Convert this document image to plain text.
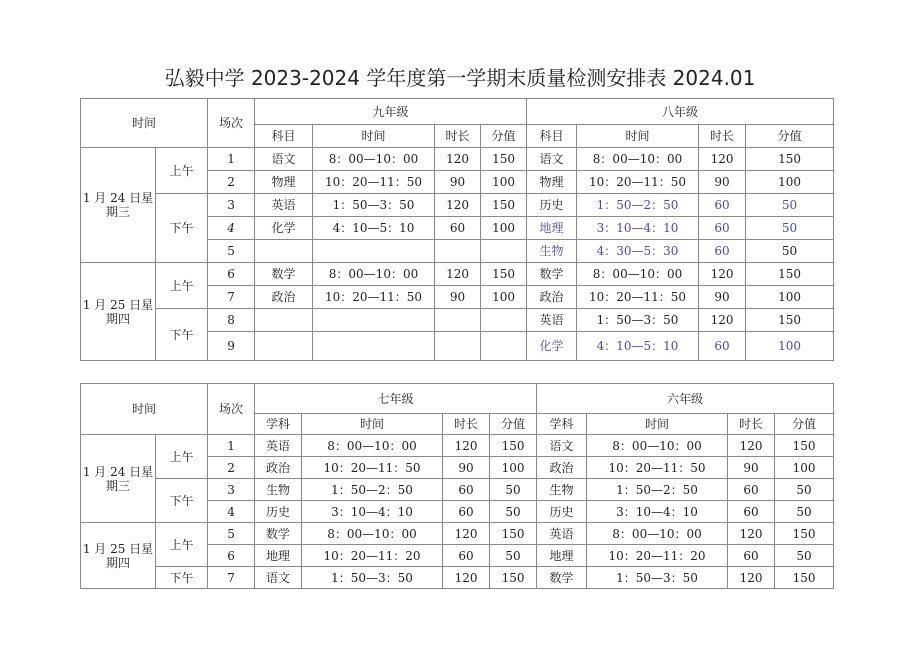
弘毅中学 2023-2024 学年度第一学期末质量检测安排表 2024.01
时间		场次	九年级				八年级			
			科目	时间	时长	分值	科目	时间	时长	分值
1 月 24 日星期三	上午	1	语文	8：00—10：00	120	150	语文	8：00—10：00	120	150
		2	物理	10：20—11：50	90	100	物理	10：20—11：50	90	100
	下午	3	英语	1：50—3：50	120	150	历史	1：50—2：50	60	50
		4	化学	4：10—5：10	60	100	地理	3：10—4：10	60	50
		5					生物	4：30—5：30	60	50
1 月 25 日星期四	上午	6	数学	8：00—10：00	120	150	数学	8：00—10：00	120	150
		7	政治	10：20—11：50	90	100	政治	10：20—11：50	90	100
	下午	8					英语	1：50—3：50	120	150
		9					化学	4：10—5：10	60	100
时间		场次	七年级				六年级			
			学科	时间	时长	分值	学科	时间	时长	分值
1 月 24 日星期三	上午	1	英语	8：00—10：00	120	150	语文	8：00—10：00	120	150
		2	政治	10：20—11：50	90	100	政治	10：20—11：50	90	100
	下午	3	生物	1：50—2：50	60	50	生物	1：50—2：50	60	50
		4	历史	3：10—4：10	60	50	历史	3：10—4：10	60	50
1 月 25 日星期四	上午	5	数学	8：00—10：00	120	150	英语	8：00—10：00	120	150
		6	地理	10：20—11：20	60	50	地理	10：20—11：20	60	50
	下午	7	语文	1：50—3：50	120	150	数学	1：50—3：50	120	150
